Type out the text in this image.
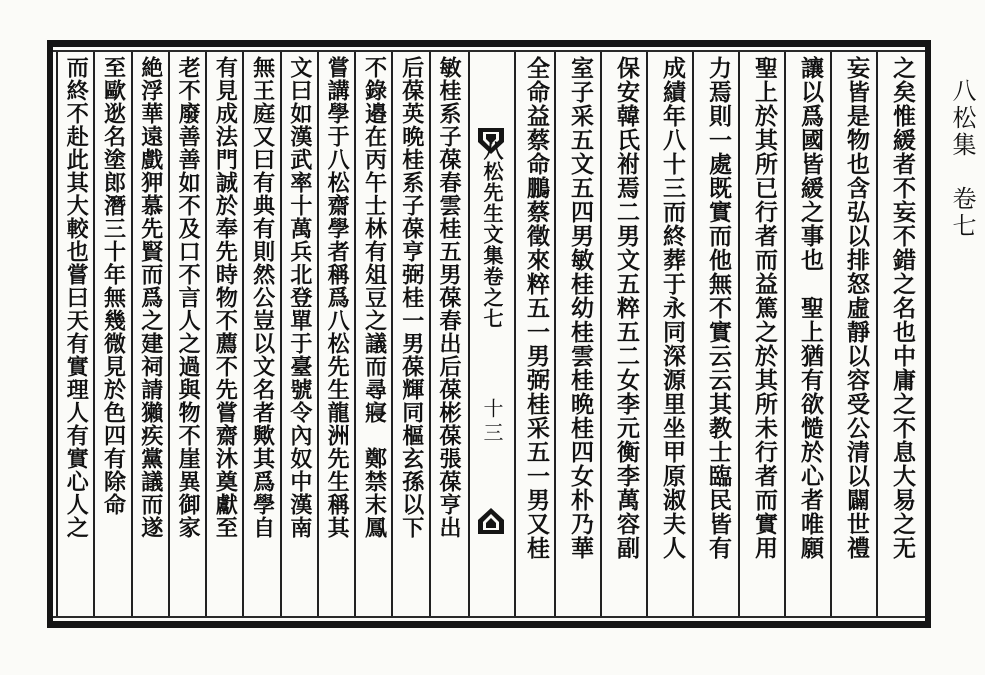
之矣惟緩者不妄不錯之名也中庸之不息大易之无
妄皆是物也含弘以排怒虛靜以容受公清以闢世禮
讓以爲國皆緩之事也　聖上猶有欲慥於心者唯願
聖上於其所已行者而益篤之於其所未行者而實用
力焉則一處既實而他無不實云云其教士臨民皆有
成績年八十三而終葬于永同深源里坐甲原淑夫人
保安韓氏祔焉二男文五粹五二女李元衡李萬容副
室子采五文五四男敏桂幼桂雲桂晩桂四女朴乃華
全命益蔡命鵬蔡徵來粹五一男弼桂采五一男又桂
八松先生文集卷之七
十三
八松集　卷七
敏桂系子葆春雲桂五男葆春出后葆彬葆張葆亨出
后葆英晩桂系子葆亨弼桂一男葆輝同樞玄孫以下
不錄邉在丙午士林有俎豆之議而尋寢　鄭禁末鳳
嘗講學于八松齋學者稱爲八松先生龍洲先生稱其
文曰如漢武率十萬兵北登單于臺號令內奴中漢南
無王庭又曰有典有則然公豈以文名者歟其爲學自
有見成法門誠於奉先時物不薦不先嘗齋沐奠獻至
老不廢善善如不及口不言人之過與物不崖異御家
絶浮華遠戲狎慕先賢而爲之建祠請獺疾黨議而遂
至歐逖名塗郎潛三十年無幾微見於色四有除命
而終不赴此其大較也嘗曰天有實理人有實心人之
